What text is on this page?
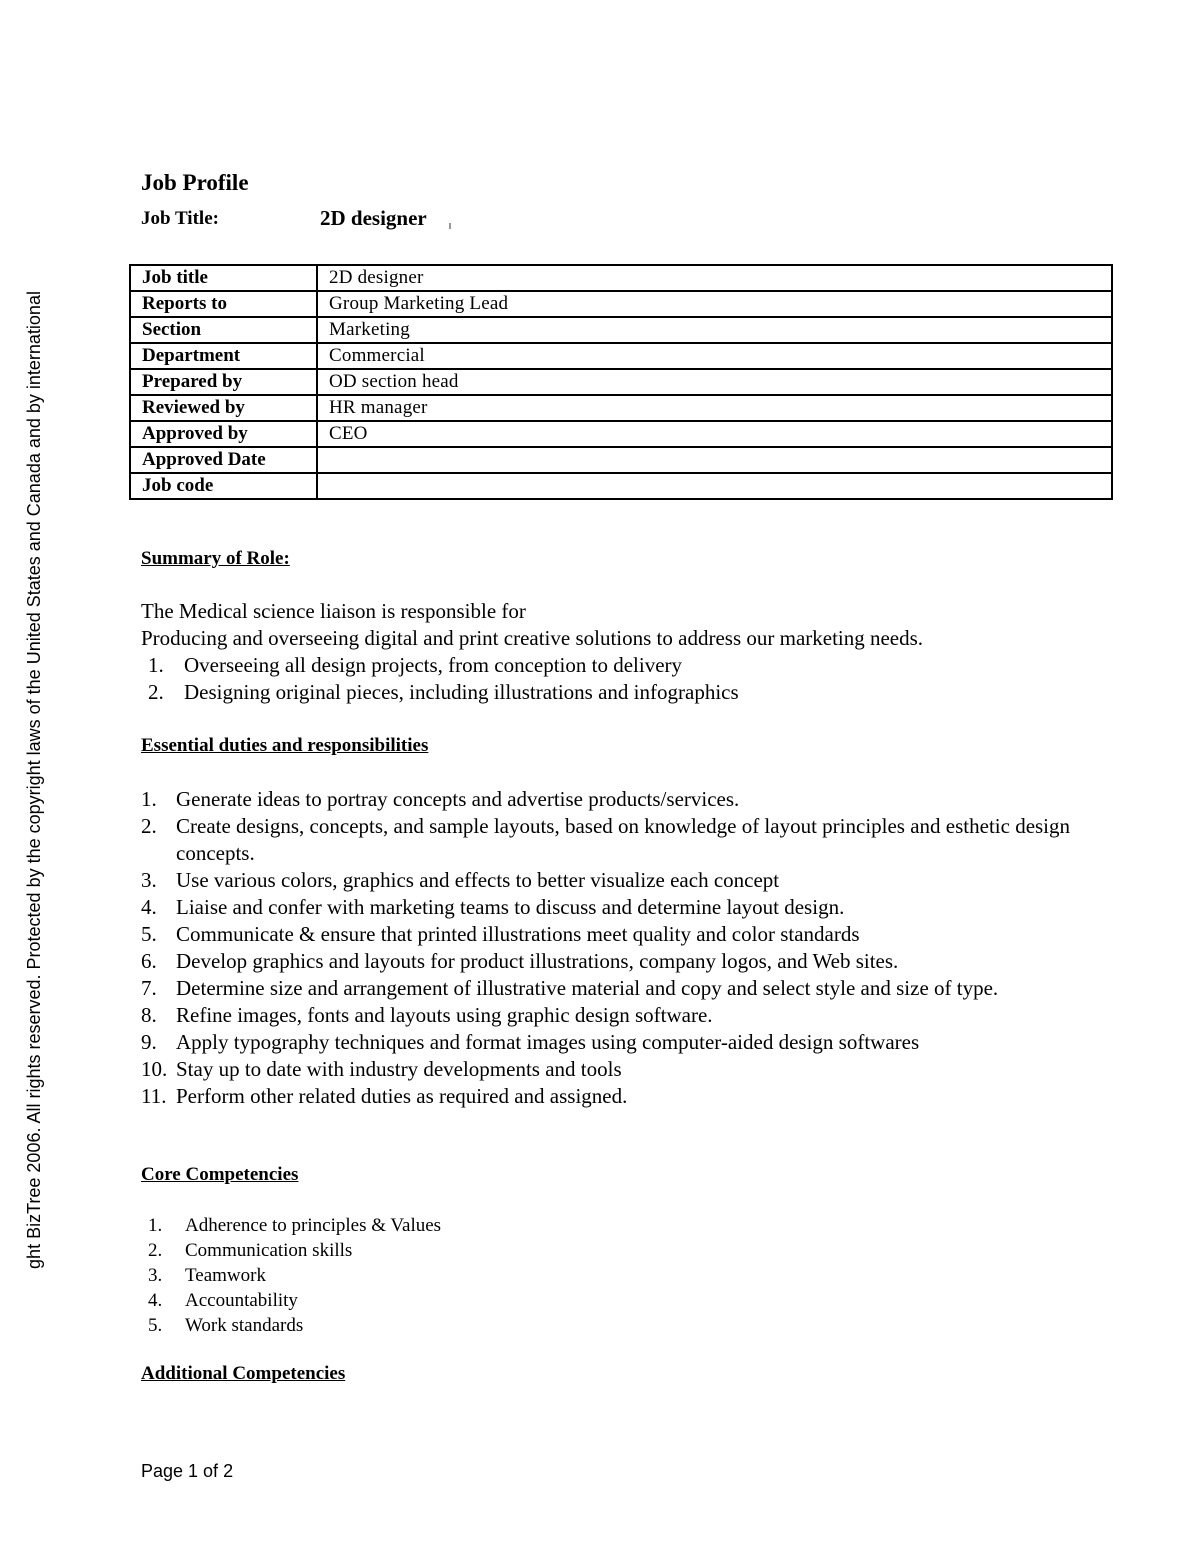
ght BizTree 2006. All rights reserved. Protected by the copyright laws of the United States and Canada and by international
Job Profile
Job Title:	2D designer
Job title	2D designer
Reports to	Group Marketing Lead
Section	Marketing
Department	Commercial
Prepared by	OD section head
Reviewed by	HR manager
Approved by	CEO
Approved Date	
Job code	
Summary of Role:

The Medical science liaison is responsible for

Producing and overseeing digital and print creative solutions to address our marketing needs.

1. Overseeing all design projects, from conception to delivery
2. Designing original pieces, including illustrations and infographics
Essential duties and responsibilities
1. Generate ideas to portray concepts and advertise products/services.
2. Create designs, concepts, and sample layouts, based on knowledge of layout principles and esthetic design concepts.
3. Use various colors, graphics and effects to better visualize each concept
4. Liaise and confer with marketing teams to discuss and determine layout design.
5. Communicate & ensure that printed illustrations meet quality and color standards
6. Develop graphics and layouts for product illustrations, company logos, and Web sites.
7. Determine size and arrangement of illustrative material and copy and select style and size of type.
8. Refine images, fonts and layouts using graphic design software.
9. Apply typography techniques and format images using computer-aided design softwares
10. Stay up to date with industry developments and tools
11. Perform other related duties as required and assigned.
Core Competencies
1. Adherence to principles & Values
2. Communication skills
3. Teamwork
4. Accountability
5. Work standards
Additional Competencies
Page 1 of 2
